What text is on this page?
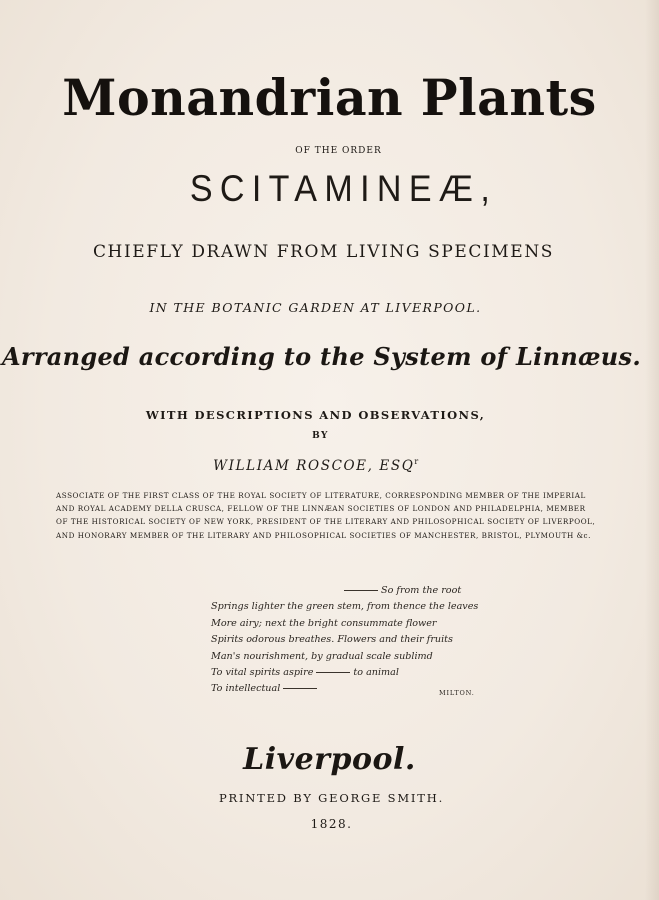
Monandrian Plants
OF THE ORDER
SCITAMINEÆ,
CHIEFLY DRAWN FROM LIVING SPECIMENS
IN THE BOTANIC GARDEN AT LIVERPOOL.
Arranged according to the System of Linnæus.
WITH DESCRIPTIONS AND OBSERVATIONS,
BY
WILLIAM ROSCOE, ESQ$^r$
ASSOCIATE OF THE FIRST CLASS OF THE ROYAL SOCIETY OF LITERATURE, CORRESPONDING MEMBER OF THE IMPERIAL
AND ROYAL ACADEMY DELLA CRUSCA, FELLOW OF THE LINNÆAN SOCIETIES OF LONDON AND PHILADELPHIA, MEMBER
OF THE HISTORICAL SOCIETY OF NEW YORK, PRESIDENT OF THE LITERARY AND PHILOSOPHICAL SOCIETY OF LIVERPOOL,
AND HONORARY MEMBER OF THE LITERARY AND PHILOSOPHICAL SOCIETIES OF MANCHESTER, BRISTOL, PLYMOUTH &c.
So from the root
Springs lighter the green stem, from thence the leaves
More airy; next the bright consummate flower
Spirits odorous breathes. Flowers and their fruits
Man's nourishment, by gradual scale sublimd
To vital spirits aspire	to animal
To intellectual	MILTON.
Liverpool.
PRINTED BY GEORGE SMITH.
1828.
